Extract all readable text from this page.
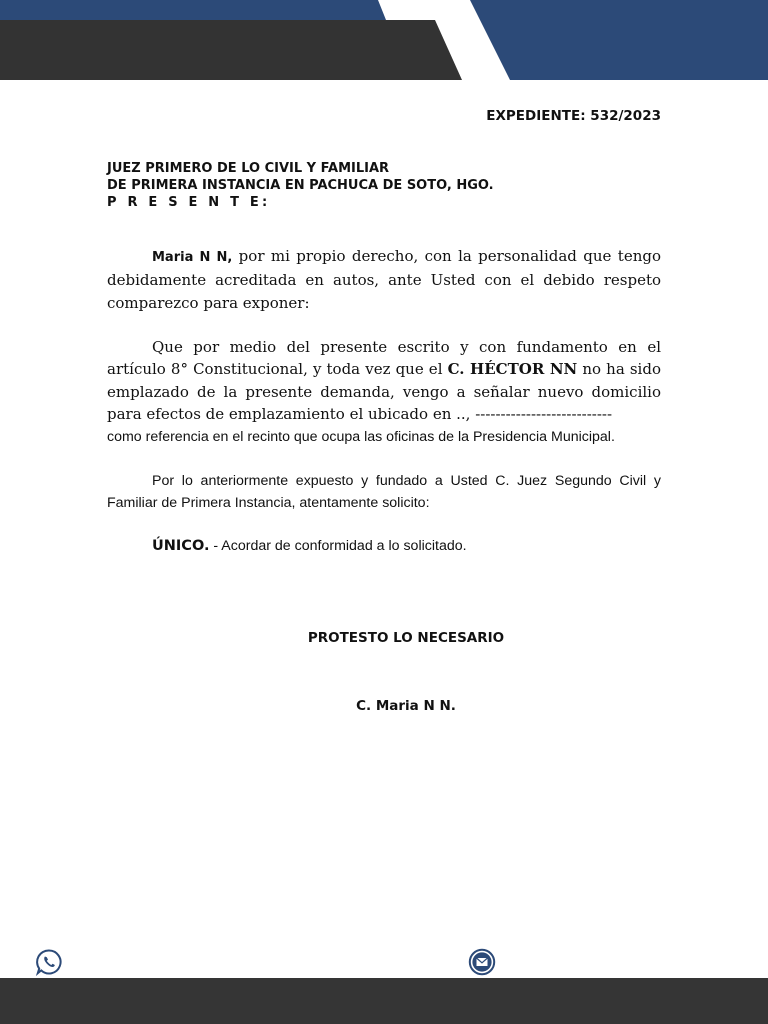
EXPEDIENTE: 532/2023
JUEZ PRIMERO DE LO CIVIL Y FAMILIAR
DE PRIMERA INSTANCIA EN PACHUCA DE SOTO, HGO.
P R E S E N T E:
Maria N N, por mi propio derecho, con la personalidad que tengo debidamente acreditada en autos, ante Usted con el debido respeto comparezco para exponer:
Que por medio del presente escrito y con fundamento en el artículo 8° Constitucional, y toda vez que el C. HÉCTOR NN no ha sido emplazado de la presente demanda, vengo a señalar nuevo domicilio para efectos de emplazamiento el ubicado en .., ---------------------------
como referencia en el recinto que ocupa las oficinas de la Presidencia Municipal.
Por lo anteriormente expuesto y fundado a Usted C. Juez Segundo Civil y Familiar de Primera Instancia, atentamente solicito:
ÚNICO. - Acordar de conformidad a lo solicitado.
PROTESTO LO NECESARIO
C. Maria N N.
